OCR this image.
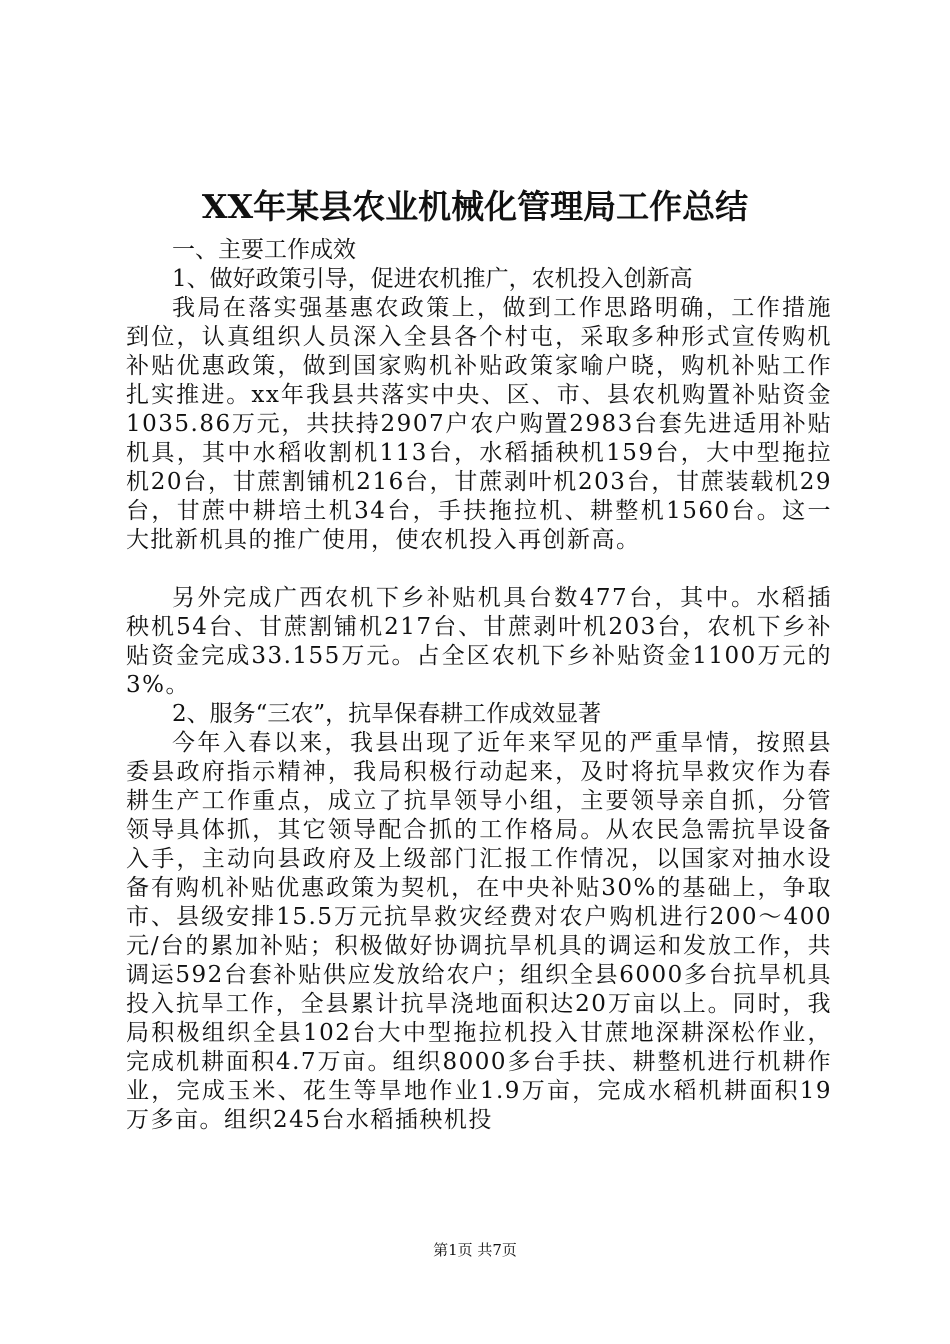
XX年某县农业机械化管理局工作总结

一、主要工作成效

1、做好政策引导，促进农机推广，农机投入创新高

我局在落实强基惠农政策上，做到工作思路明确，工作措施到位，认真组织人员深入全县各个村屯，采取多种形式宣传购机补贴优惠政策，做到国家购机补贴政策家喻户晓，购机补贴工作扎实推进。xx年我县共落实中央、区、市、县农机购置补贴资金1035.86万元，共扶持2907户农户购置2983台套先进适用补贴机具，其中水稻收割机113台，水稻插秧机159台，大中型拖拉机20台，甘蔗割铺机216台，甘蔗剥叶机203台，甘蔗装载机29台，甘蔗中耕培土机34台，手扶拖拉机、耕整机1560台。这一大批新机具的推广使用，使农机投入再创新高。

另外完成广西农机下乡补贴机具台数477台，其中。水稻插秧机54台、甘蔗割铺机217台、甘蔗剥叶机203台，农机下乡补贴资金完成33.155万元。占全区农机下乡补贴资金1100万元的3%。

2、服务“三农”，抗旱保春耕工作成效显著

今年入春以来，我县出现了近年来罕见的严重旱情，按照县委县政府指示精神，我局积极行动起来，及时将抗旱救灾作为春耕生产工作重点，成立了抗旱领导小组，主要领导亲自抓，分管领导具体抓，其它领导配合抓的工作格局。从农民急需抗旱设备入手，主动向县政府及上级部门汇报工作情况，以国家对抽水设备有购机补贴优惠政策为契机，在中央补贴30%的基础上，争取市、县级安排15.5万元抗旱救灾经费对农户购机进行200～400元/台的累加补贴；积极做好协调抗旱机具的调运和发放工作，共调运592台套补贴供应发放给农户；组织全县6000多台抗旱机具投入抗旱工作，全县累计抗旱浇地面积达20万亩以上。同时，我局积极组织全县102台大中型拖拉机投入甘蔗地深耕深松作业，完成机耕面积4.7万亩。组织8000多台手扶、耕整机进行机耕作业，完成玉米、花生等旱地作业1.9万亩，完成水稻机耕面积19万多亩。组织245台水稻插秧机投

第1页 共7页
